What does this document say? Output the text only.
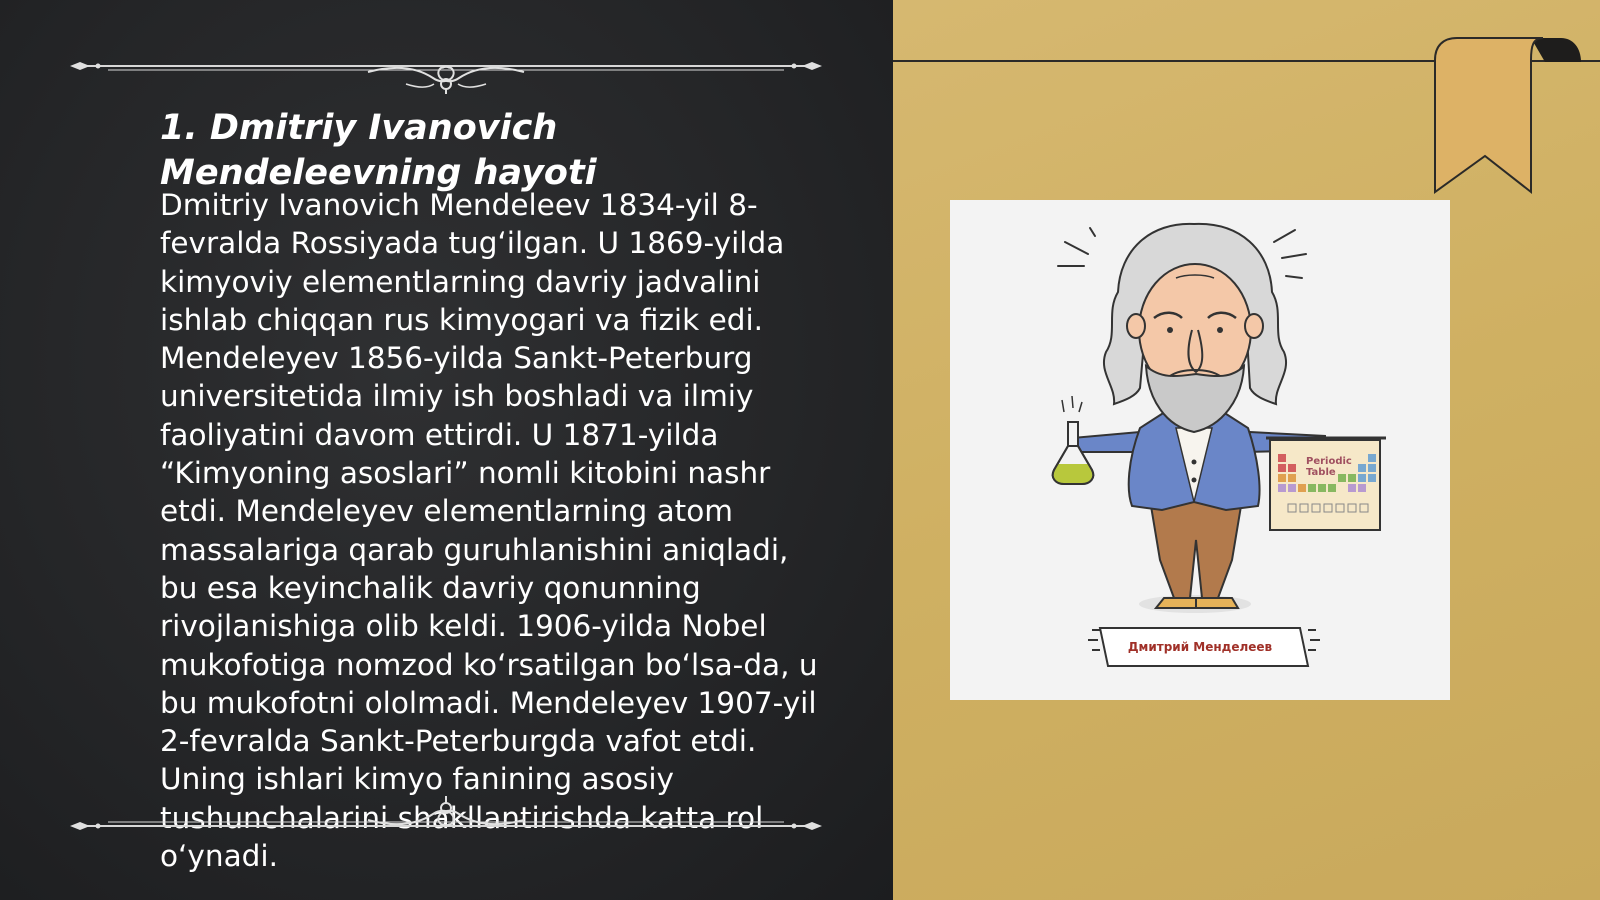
1. Dmitriy Ivanovich Mendeleevning hayoti
Dmitriy Ivanovich Mendeleev 1834-yil 8-fevralda Rossiyada tug‘ilgan. U 1869-yilda kimyoviy elementlarning davriy jadvalini ishlab chiqqan rus kimyogari va fizik edi. Mendeleyev 1856-yilda Sankt-Peterburg universitetida ilmiy ish boshladi va ilmiy faoliyatini davom ettirdi. U 1871-yilda “Kimyoning asoslari” nomli kitobini nashr etdi. Mendeleyev elementlarning atom massalariga qarab guruhlanishini aniqladi, bu esa keyinchalik davriy qonunning rivojlanishiga olib keldi. 1906-yilda Nobel mukofotiga nomzod ko‘rsatilgan bo‘lsa-da, u bu mukofotni ololmadi. Mendeleyev 1907-yil 2-fevralda Sankt-Peterburgda vafot etdi. Uning ishlari kimyo fanining asosiy tushunchalarini shakllantirishda katta rol o‘ynadi.
Periodic
Table
Дмитрий Менделеев
